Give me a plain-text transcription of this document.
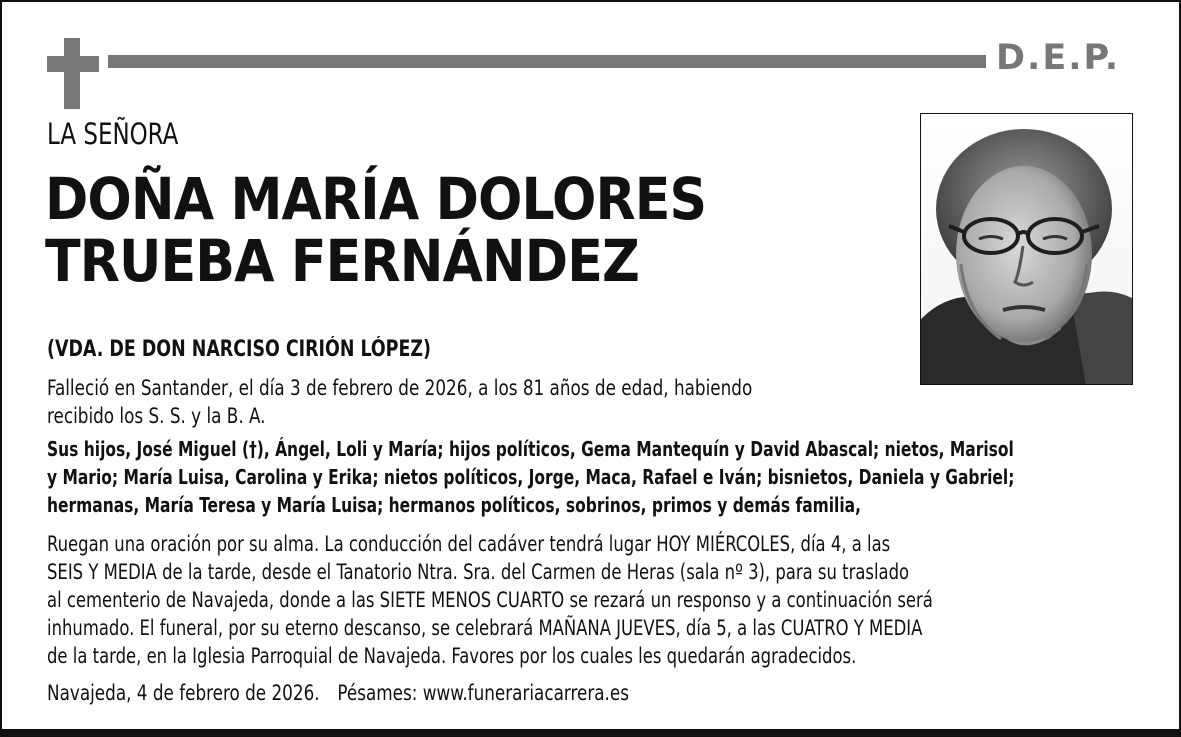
D.E.P.
LA SEÑORA
DOÑA MARÍA DOLORES
TRUEBA FERNÁNDEZ
(VDA. DE DON NARCISO CIRIÓN LÓPEZ)
Falleció en Santander, el día 3 de febrero de 2026, a los 81 años de edad, habiendo
recibido los S. S. y la B. A.
Sus hijos, José Miguel (†), Ángel, Loli y María; hijos políticos, Gema Mantequín y David Abascal; nietos, Marisol
y Mario; María Luisa, Carolina y Erika; nietos políticos, Jorge, Maca, Rafael e Iván; bisnietos, Daniela y Gabriel;
hermanas, María Teresa y María Luisa; hermanos políticos, sobrinos, primos y demás familia,
Ruegan una oración por su alma. La conducción del cadáver tendrá lugar HOY MIÉRCOLES, día 4, a las
SEIS Y MEDIA de la tarde, desde el Tanatorio Ntra. Sra. del Carmen de Heras (sala nº 3), para su traslado
al cementerio de Navajeda, donde a las SIETE MENOS CUARTO se rezará un responso y a continuación será
inhumado. El funeral, por su eterno descanso, se celebrará MAÑANA JUEVES, día 5, a las CUATRO Y MEDIA
de la tarde, en la Iglesia Parroquial de Navajeda. Favores por los cuales les quedarán agradecidos.
Navajeda, 4 de febrero de 2026. Pésames: www.funerariacarrera.es
